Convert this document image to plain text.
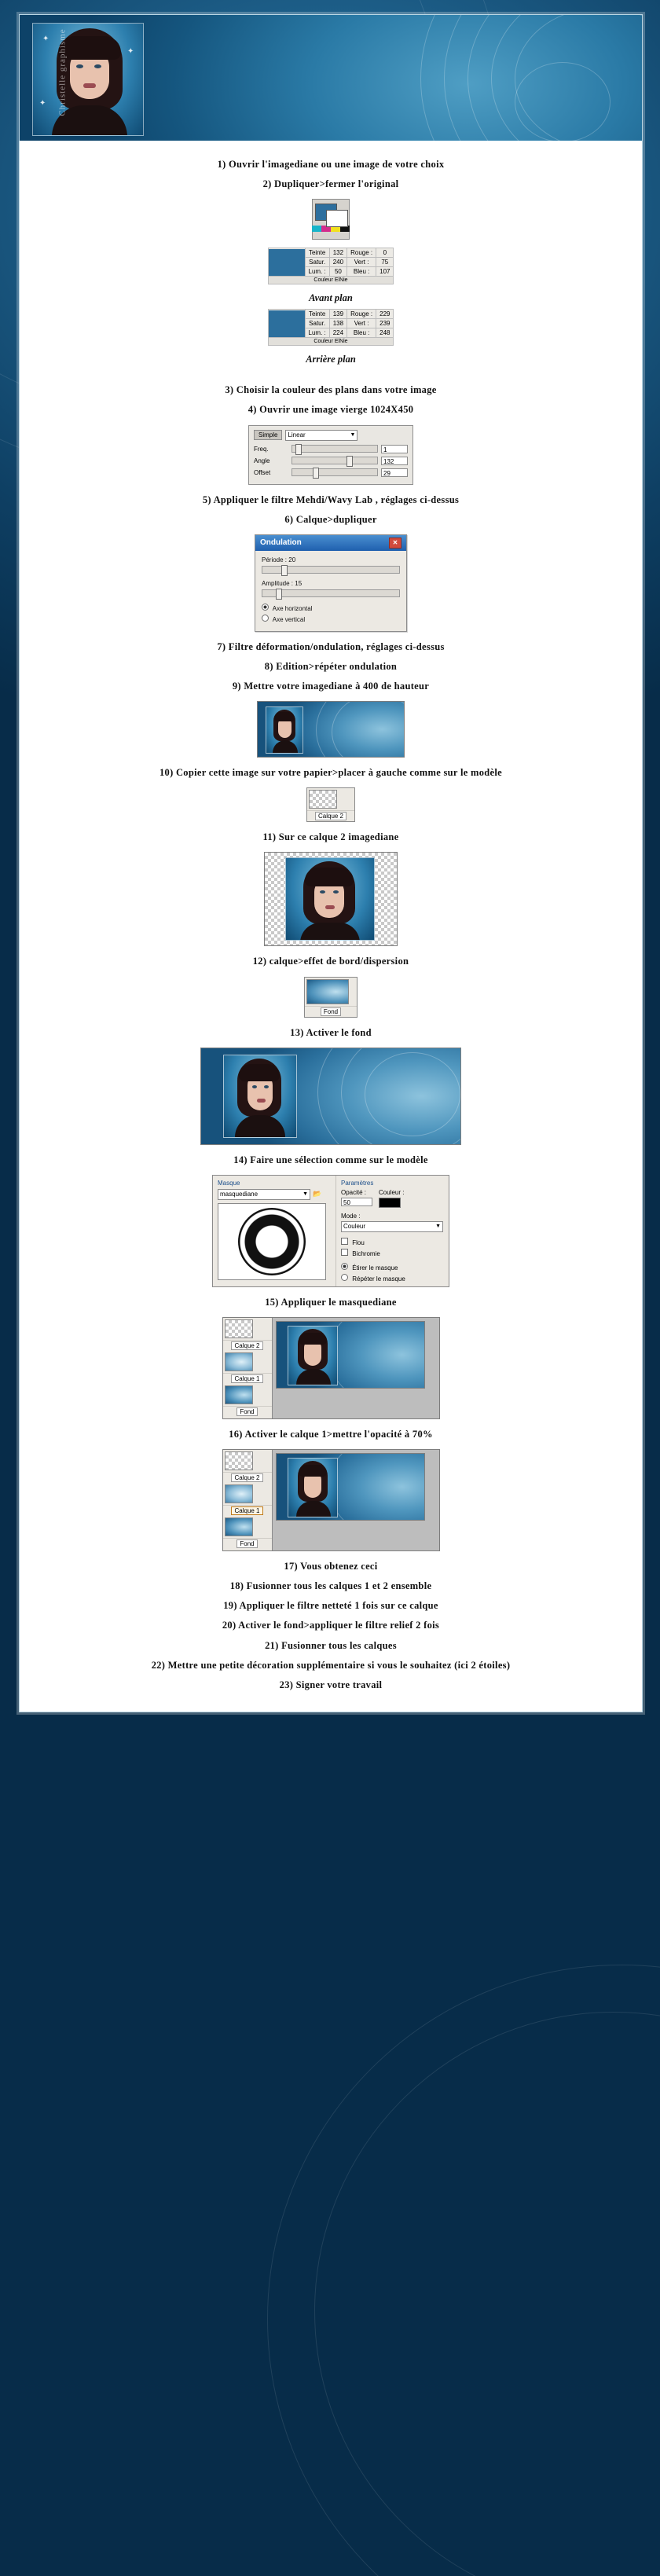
✦
✦
✦ Christelle graphisme
1) Ouvrir l'imagediane ou une image de votre choix
2) Dupliquer>fermer l'original
	Teinte	132	Rouge :	0
	Satur.	240	Vert :	75
	Lum. :	50	Bleu :	107
Couleur ElNie				
Avant plan
	Teinte	139	Rouge :	229
	Satur.	138	Vert :	239
	Lum. :	224	Bleu :	248
Couleur ElNie				
Arrière plan
3) Choisir la couleur des plans dans votre image
4) Ouvrir une image vierge 1024X450
Simple	Linear	▼
Freq.	1
Angle	132
Offset	29
5) Appliquer le filtre Mehdi/Wavy Lab , réglages ci-dessus
6) Calque>dupliquer
Ondulation	✕
Période : 20
Amplitude : 15
Axe horizontal
Axe vertical
7) Filtre déformation/ondulation, réglages ci-dessus
8) Edition>répéter ondulation
9) Mettre votre imagediane à 400 de hauteur
10) Copier cette image sur votre papier>placer à gauche comme sur le modèle
Calque 2
11) Sur ce calque 2 imagediane
12) calque>effet de bord/dispersion
Fond
13) Activer le fond
14) Faire une sélection comme sur le modèle
Masque
masquediane	▼ 📂
Paramètres
Opacité :
50
Couleur :
Mode :
Couleur	▼
Flou
Bichromie
Étirer le masque
Répéter le masque
15) Appliquer le masquediane
Calque 2
Calque 1
Fond
16) Activer le calque 1>mettre l'opacité à 70%
Calque 2
Calque 1
Fond
17) Vous obtenez ceci
18) Fusionner tous les calques 1 et 2 ensemble
19) Appliquer le filtre netteté 1 fois sur ce calque
20) Activer le fond>appliquer le filtre relief 2 fois
21) Fusionner tous les calques
22) Mettre une petite décoration supplémentaire si vous le souhaitez (ici 2 étoiles)
23) Signer votre travail
